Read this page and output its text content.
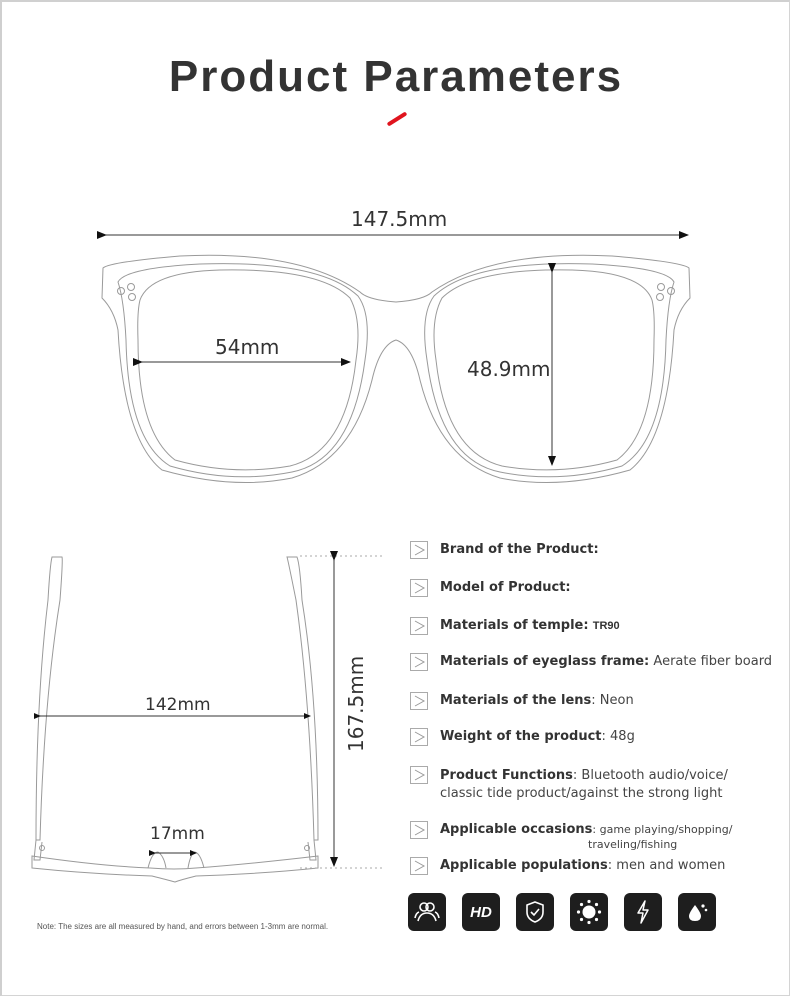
Product Parameters
147.5mm
54mm
48.9mm
142mm
17mm
167.5mm
Brand of the Product:
Model of Product:
Materials of temple: TR90
Materials of eyeglass frame: Aerate fiber board
Materials of the lens: Neon
Weight of the product: 48g
Product Functions: Bluetooth audio/voice/
classic tide product/against the strong light
Applicable occasions: game playing/shopping/
traveling/fishing
Applicable populations: men and women
HD
Note: The sizes are all measured by hand, and errors between 1-3mm are normal.
